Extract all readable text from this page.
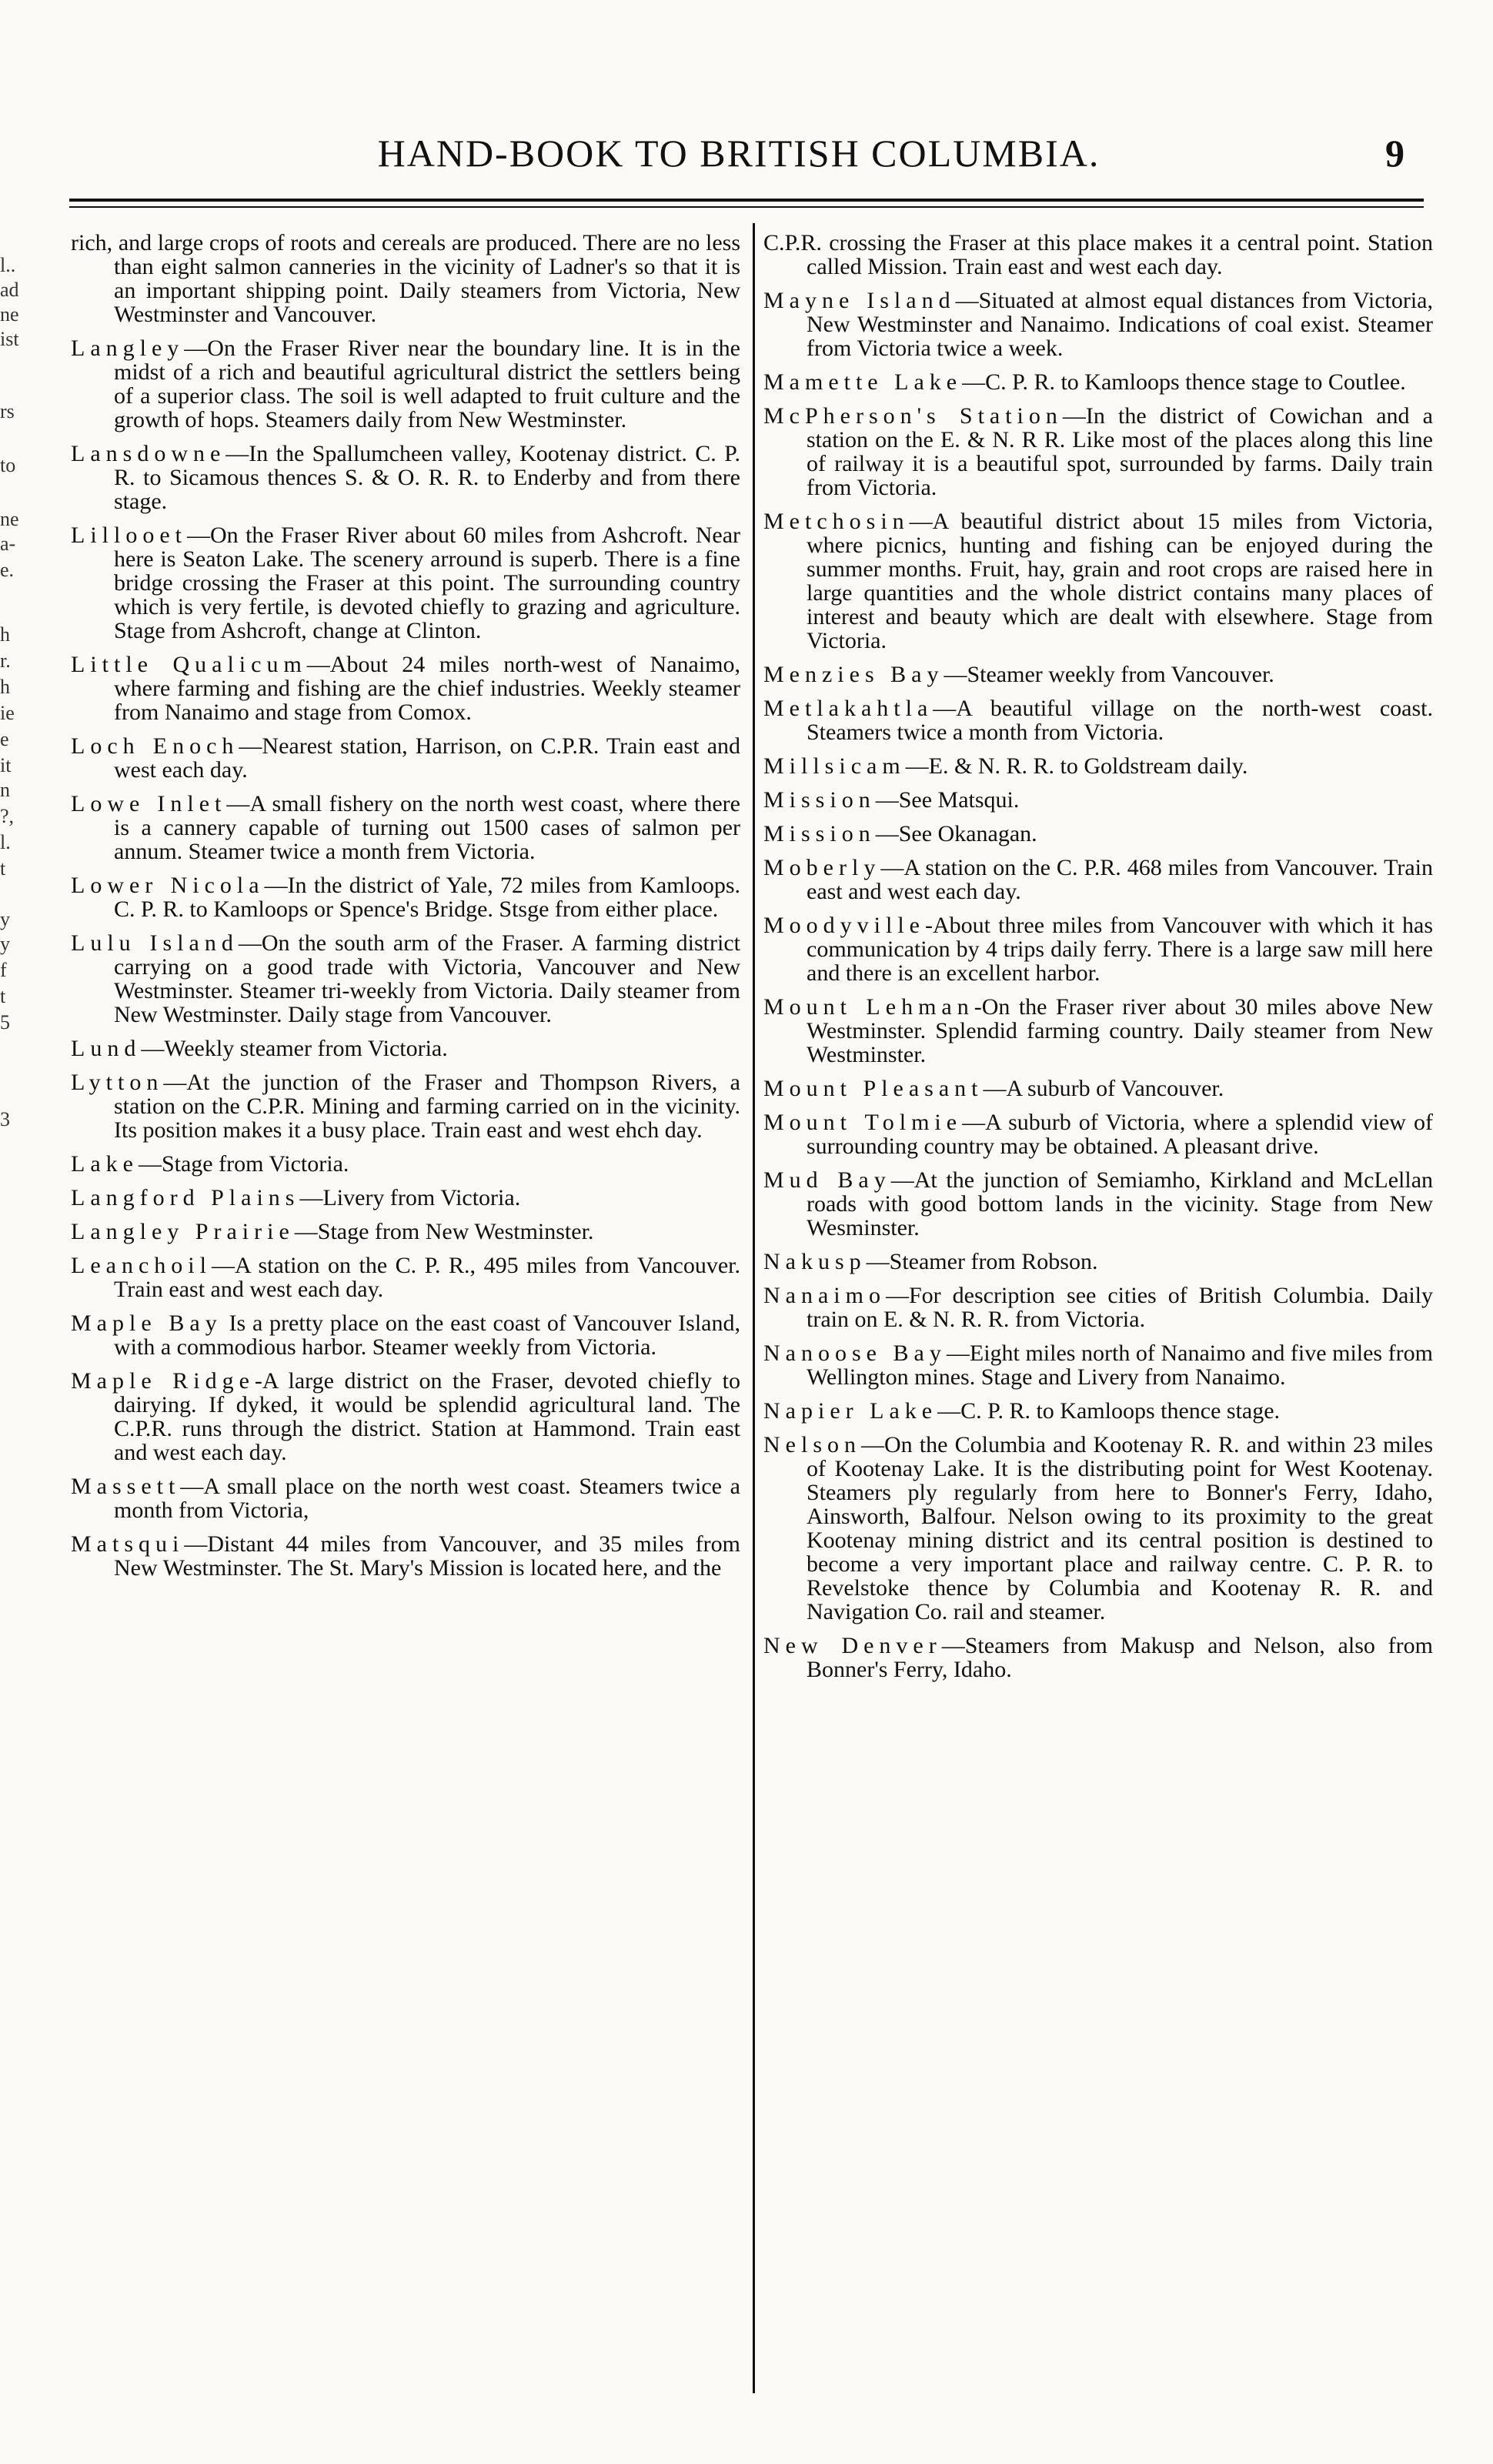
HAND-BOOK TO BRITISH COLUMBIA.	9
l..
ad
ne
ist
rs
to
ne
a-
e.
h
r.
h
ie
e
it
n
?,
l.
t
y
y
f
t
5
3

rich, and large crops of roots and cereals are produced. There are no less than eight salmon canneries in the vicinity of Ladner's so that it is an important shipping point. Daily steamers from Victoria, New Westminster and Vancouver.

Langley—On the Fraser River near the boundary line. It is in the midst of a rich and beautiful agricultural district the settlers being of a superior class. The soil is well adapted to fruit culture and the growth of hops. Steamers daily from New Westminster.

Lansdowne—In the Spallumcheen valley, Kootenay district. C. P. R. to Sicamous thences S. & O. R. R. to Enderby and from there stage.

Lillooet—On the Fraser River about 60 miles from Ashcroft. Near here is Seaton Lake. The scenery arround is superb. There is a fine bridge crossing the Fraser at this point. The surrounding country which is very fertile, is devoted chiefly to grazing and agriculture. Stage from Ashcroft, change at Clinton.

Little Qualicum—About 24 miles north-west of Nanaimo, where farming and fishing are the chief industries. Weekly steamer from Nanaimo and stage from Comox.

Loch Enoch—Nearest station, Harrison, on C.P.R. Train east and west each day.

Lowe Inlet—A small fishery on the north west coast, where there is a cannery capable of turning out 1500 cases of salmon per annum. Steamer twice a month frem Victoria.

Lower Nicola—In the district of Yale, 72 miles from Kamloops. C. P. R. to Kamloops or Spence's Bridge. Stsge from either place.

Lulu Island—On the south arm of the Fraser. A farming district carrying on a good trade with Victoria, Vancouver and New Westminster. Steamer tri-weekly from Victoria. Daily steamer from New Westminster. Daily stage from Vancouver.

Lund—Weekly steamer from Victoria.

Lytton—At the junction of the Fraser and Thompson Rivers, a station on the C.P.R. Mining and farming carried on in the vicinity. Its position makes it a busy place. Train east and west ehch day.

Lake—Stage from Victoria.

Langford Plains—Livery from Victoria.

Langley Prairie—Stage from New Westminster.

Leanchoil—A station on the C. P. R., 495 miles from Vancouver. Train east and west each day.

Maple Bay Is a pretty place on the east coast of Vancouver Island, with a commodious harbor. Steamer weekly from Victoria.

Maple Ridge-A large district on the Fraser, devoted chiefly to dairying. If dyked, it would be splendid agricultural land. The C.P.R. runs through the district. Station at Hammond. Train east and west each day.

Massett—A small place on the north west coast. Steamers twice a month from Victoria,

Matsqui—Distant 44 miles from Vancouver, and 35 miles from New Westminster. The St. Mary's Mission is located here, and the

C.P.R. crossing the Fraser at this place makes it a central point. Station called Mission. Train east and west each day.

Mayne Island—Situated at almost equal distances from Victoria, New Westminster and Nanaimo. Indications of coal exist. Steamer from Victoria twice a week.

Mamette Lake—C. P. R. to Kamloops thence stage to Coutlee.

McPherson's Station—In the district of Cowichan and a station on the E. & N. R R. Like most of the places along this line of railway it is a beautiful spot, surrounded by farms. Daily train from Victoria.

Metchosin—A beautiful district about 15 miles from Victoria, where picnics, hunting and fishing can be enjoyed during the summer months. Fruit, hay, grain and root crops are raised here in large quantities and the whole district contains many places of interest and beauty which are dealt with elsewhere. Stage from Victoria.

Menzies Bay—Steamer weekly from Vancouver.

Metlakahtla—A beautiful village on the north-west coast. Steamers twice a month from Victoria.

Millsicam—E. & N. R. R. to Goldstream daily.

Mission—See Matsqui.

Mission—See Okanagan.

Moberly—A station on the C. P.R. 468 miles from Vancouver. Train east and west each day.

Moodyville-About three miles from Vancouver with which it has communication by 4 trips daily ferry. There is a large saw mill here and there is an excellent harbor.

Mount Lehman-On the Fraser river about 30 miles above New Westminster. Splendid farming country. Daily steamer from New Westminster.

Mount Pleasant—A suburb of Vancouver.

Mount Tolmie—A suburb of Victoria, where a splendid view of surrounding country may be obtained. A pleasant drive.

Mud Bay—At the junction of Semiamho, Kirkland and McLellan roads with good bottom lands in the vicinity. Stage from New Wesminster.

Nakusp—Steamer from Robson.

Nanaimo—For description see cities of British Columbia. Daily train on E. & N. R. R. from Victoria.

Nanoose Bay—Eight miles north of Nanaimo and five miles from Wellington mines. Stage and Livery from Nanaimo.

Napier Lake—C. P. R. to Kamloops thence stage.

Nelson—On the Columbia and Kootenay R. R. and within 23 miles of Kootenay Lake. It is the distributing point for West Kootenay. Steamers ply regularly from here to Bonner's Ferry, Idaho, Ainsworth, Balfour. Nelson owing to its proximity to the great Kootenay mining district and its central position is destined to become a very important place and railway centre. C. P. R. to Revelstoke thence by Columbia and Kootenay R. R. and Navigation Co. rail and steamer.

New Denver—Steamers from Makusp and Nelson, also from Bonner's Ferry, Idaho.
